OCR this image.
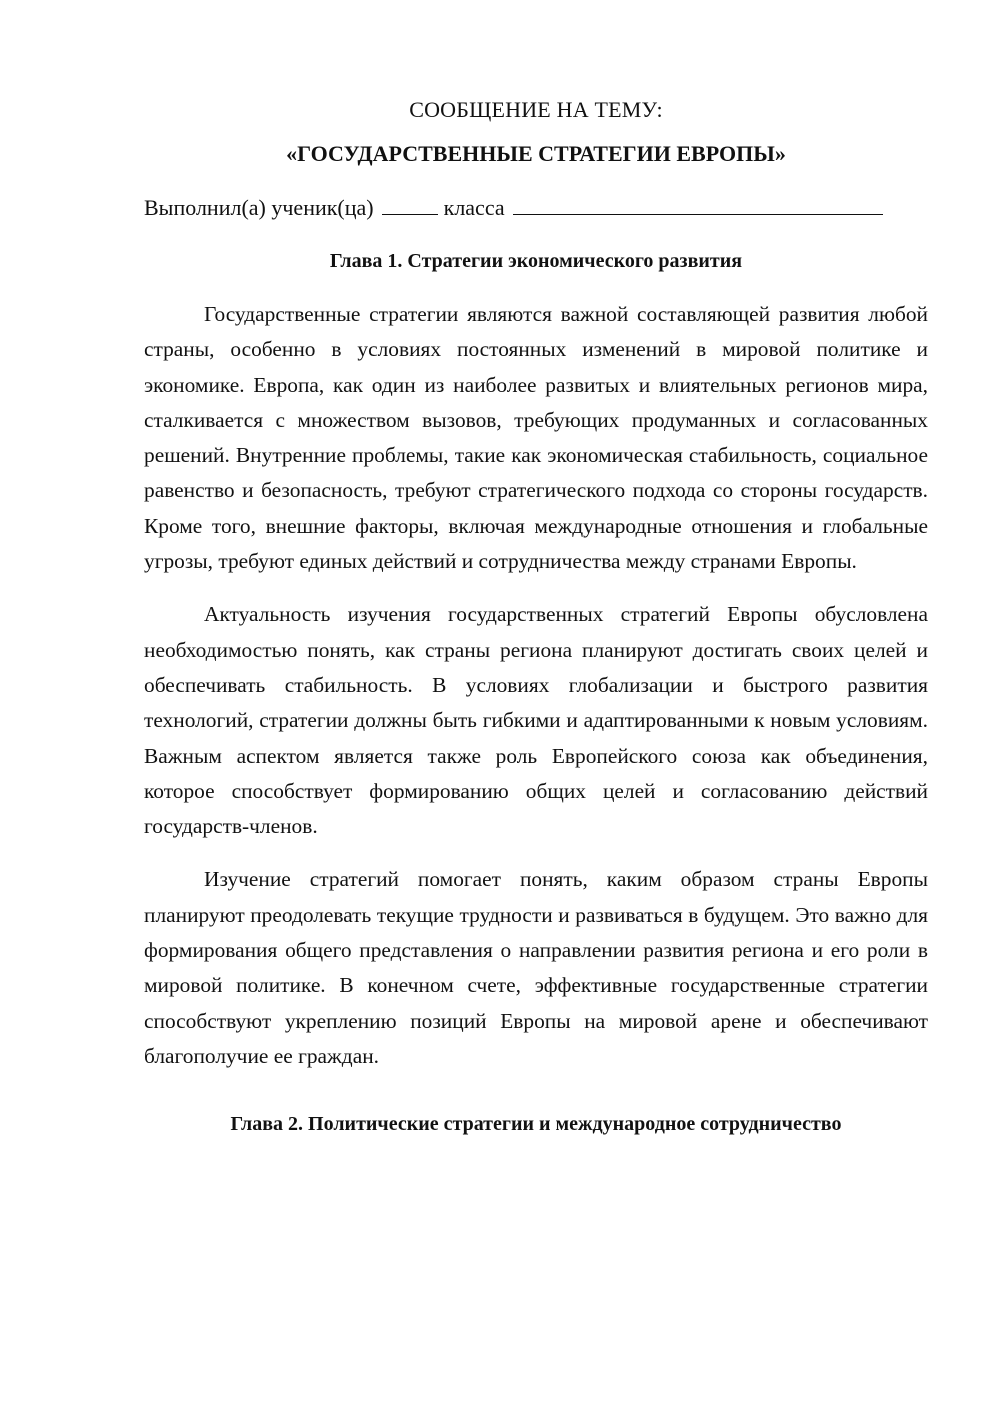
СООБЩЕНИЕ НА ТЕМУ:

«ГОСУДАРСТВЕННЫЕ СТРАТЕГИИ ЕВРОПЫ»

Выполнил(а) ученик(ца)	класса

Глава 1. Стратегии экономического развития

Государственные стратегии являются важной составляющей развития любой страны, особенно в условиях постоянных изменений в мировой политике и экономике. Европа, как один из наиболее развитых и влиятельных регионов мира, сталкивается с множеством вызовов, требующих продуманных и согласованных решений. Внутренние проблемы, такие как экономическая стабильность, социальное равенство и безопасность, требуют стратегического подхода со стороны государств. Кроме того, внешние факторы, включая международные отношения и глобальные угрозы, требуют единых действий и сотрудничества между странами Европы.

Актуальность изучения государственных стратегий Европы обусловлена необходимостью понять, как страны региона планируют достигать своих целей и обеспечивать стабильность. В условиях глобализации и быстрого развития технологий, стратегии должны быть гибкими и адаптированными к новым условиям. Важным аспектом является также роль Европейского союза как объединения, которое способствует формированию общих целей и согласованию действий государств-членов.

Изучение стратегий помогает понять, каким образом страны Европы планируют преодолевать текущие трудности и развиваться в будущем. Это важно для формирования общего представления о направлении развития региона и его роли в мировой политике. В конечном счете, эффективные государственные стратегии способствуют укреплению позиций Европы на мировой арене и обеспечивают благополучие ее граждан.

Глава 2. Политические стратегии и международное сотрудничество
